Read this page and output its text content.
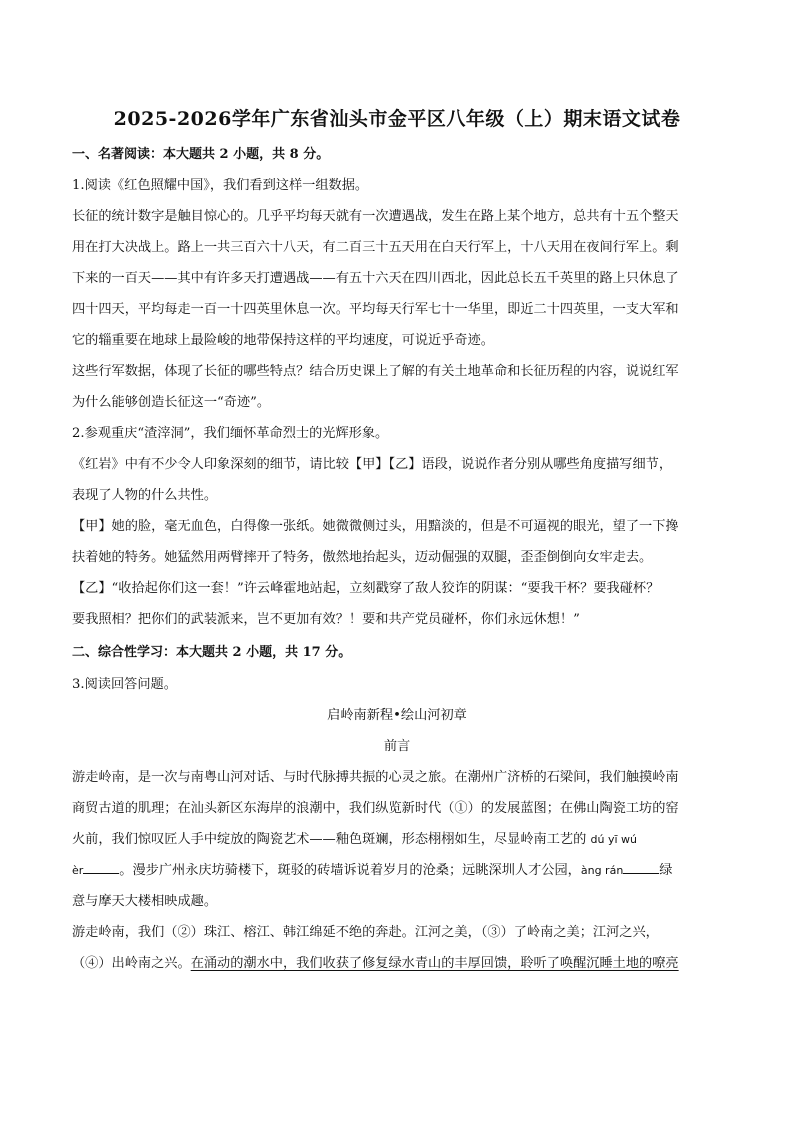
2025-2026学年广东省汕头市金平区八年级（上）期末语文试卷
一、名著阅读：本大题共 2 小题，共 8 分。
1.阅读《红色照耀中国》，我们看到这样一组数据。
长征的统计数字是触目惊心的。几乎平均每天就有一次遭遇战，发生在路上某个地方，总共有十五个整天
用在打大决战上。路上一共三百六十八天，有二百三十五天用在白天行军上，十八天用在夜间行军上。剩
下来的一百天——其中有许多天打遭遇战——有五十六天在四川西北，因此总长五千英里的路上只休息了
四十四天，平均每走一百一十四英里休息一次。平均每天行军七十一华里，即近二十四英里，一支大军和
它的辎重要在地球上最险峻的地带保持这样的平均速度，可说近乎奇迹。
这些行军数据，体现了长征的哪些特点？结合历史课上了解的有关土地革命和长征历程的内容，说说红军
为什么能够创造长征这一“奇迹”。
2.参观重庆“渣滓洞”，我们缅怀革命烈士的光辉形象。
《红岩》中有不少令人印象深刻的细节，请比较【甲】【乙】语段，说说作者分别从哪些角度描写细节，
表现了人物的什么共性。
【甲】她的脸，毫无血色，白得像一张纸。她微微侧过头，用黯淡的，但是不可逼视的眼光，望了一下搀
扶着她的特务。她猛然用两臂摔开了特务，傲然地抬起头，迈动倔强的双腿，歪歪倒倒向女牢走去。
【乙】“收拾起你们这一套！”许云峰霍地站起，立刻戳穿了敌人狡诈的阴谋：“要我干杯？要我碰杯？
要我照相？把你们的武装派来，岂不更加有效？！要和共产党员碰杯，你们永远休想！”
二、综合性学习：本大题共 2 小题，共 17 分。
3.阅读回答问题。
启岭南新程•绘山河初章
前言
游走岭南，是一次与南粤山河对话、与时代脉搏共振的心灵之旅。在潮州广济桥的石梁间，我们触摸岭南
商贸古道的肌理；在汕头新区东海岸的浪潮中，我们纵览新时代（①）的发展蓝图；在佛山陶瓷工坊的窑
火前，我们惊叹匠人手中绽放的陶瓷艺术——釉色斑斓，形态栩栩如生，尽显岭南工艺的 dú yī wú
èr	。漫步广州永庆坊骑楼下，斑驳的砖墙诉说着岁月的沧桑；远眺深圳人才公园，àng rán	绿
意与摩天大楼相映成趣。
游走岭南，我们（②）珠江、榕江、韩江绵延不绝的奔赴。江河之美，（③）了岭南之美；江河之兴，
（④）出岭南之兴。在涌动的潮水中，我们收获了修复绿水青山的丰厚回馈，聆听了唤醒沉睡土地的嘹亮
